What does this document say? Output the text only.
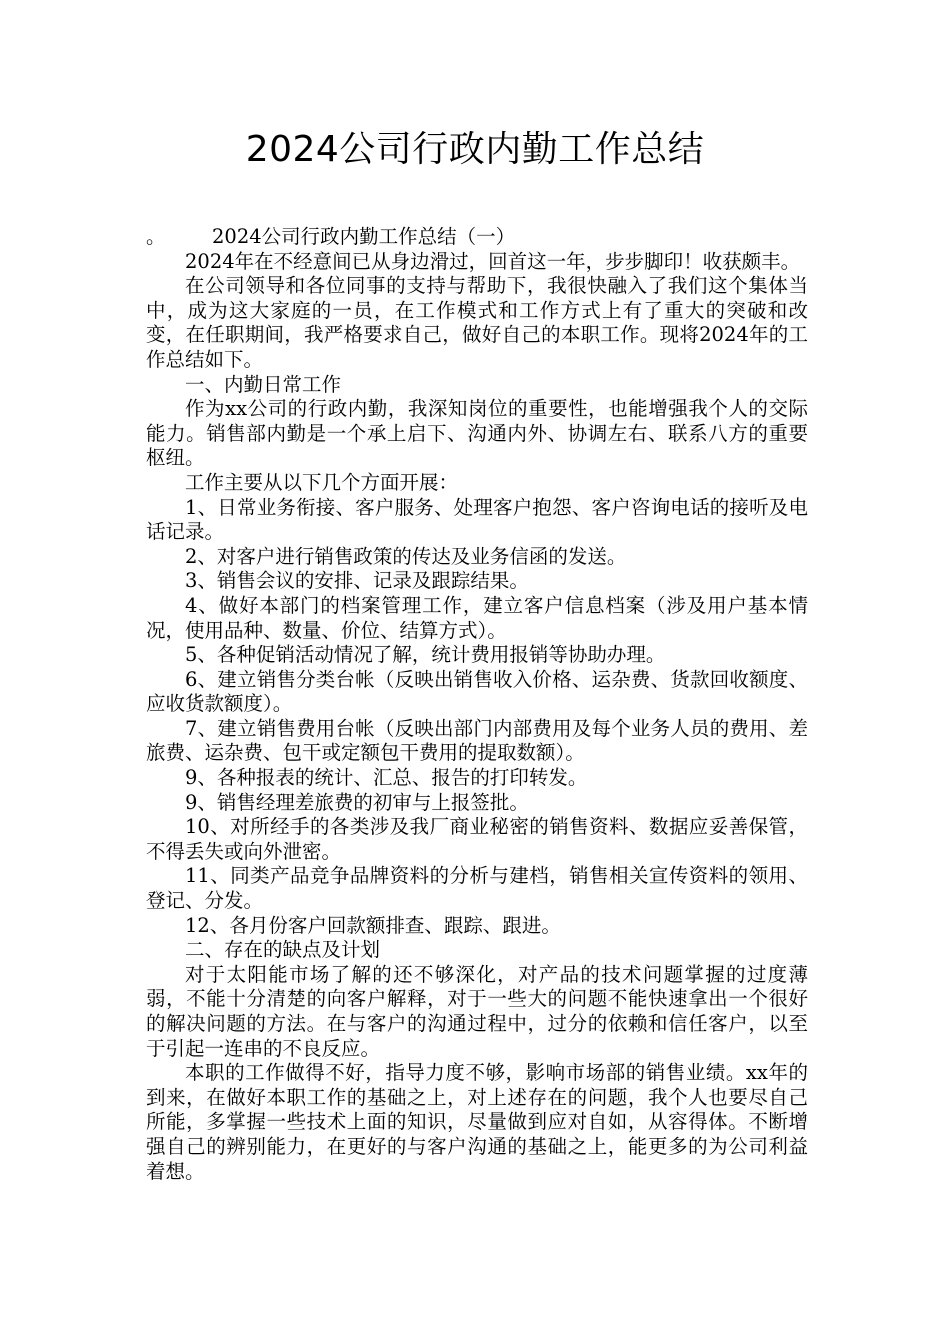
2024公司行政内勤工作总结

。 2024公司行政内勤工作总结（一）

2024年在不经意间已从身边滑过，回首这一年，步步脚印！收获颇丰。

在公司领导和各位同事的支持与帮助下，我很快融入了我们这个集体当中，成为这大家庭的一员，在工作模式和工作方式上有了重大的突破和改变，在任职期间，我严格要求自己，做好自己的本职工作。现将2024年的工作总结如下。

一、内勤日常工作

作为xx公司的行政内勤，我深知岗位的重要性，也能增强我个人的交际能力。销售部内勤是一个承上启下、沟通内外、协调左右、联系八方的重要枢纽。

工作主要从以下几个方面开展：

1、日常业务衔接、客户服务、处理客户抱怨、客户咨询电话的接听及电话记录。

2、对客户进行销售政策的传达及业务信函的发送。

3、销售会议的安排、记录及跟踪结果。

4、做好本部门的档案管理工作，建立客户信息档案（涉及用户基本情况，使用品种、数量、价位、结算方式）。

5、各种促销活动情况了解，统计费用报销等协助办理。

6、建立销售分类台帐（反映出销售收入价格、运杂费、货款回收额度、应收货款额度）。

7、建立销售费用台帐（反映出部门内部费用及每个业务人员的费用、差旅费、运杂费、包干或定额包干费用的提取数额）。

9、各种报表的统计、汇总、报告的打印转发。

9、销售经理差旅费的初审与上报签批。

10、对所经手的各类涉及我厂商业秘密的销售资料、数据应妥善保管，不得丢失或向外泄密。

11、同类产品竞争品牌资料的分析与建档，销售相关宣传资料的领用、登记、分发。

12、各月份客户回款额排查、跟踪、跟进。

二、存在的缺点及计划

对于太阳能市场了解的还不够深化，对产品的技术问题掌握的过度薄弱，不能十分清楚的向客户解释，对于一些大的问题不能快速拿出一个很好的解决问题的方法。在与客户的沟通过程中，过分的依赖和信任客户，以至于引起一连串的不良反应。

本职的工作做得不好，指导力度不够，影响市场部的销售业绩。xx年的到来，在做好本职工作的基础之上，对上述存在的问题，我个人也要尽自己所能，多掌握一些技术上面的知识，尽量做到应对自如，从容得体。不断增强自己的辨别能力，在更好的与客户沟通的基础之上，能更多的为公司利益着想。
